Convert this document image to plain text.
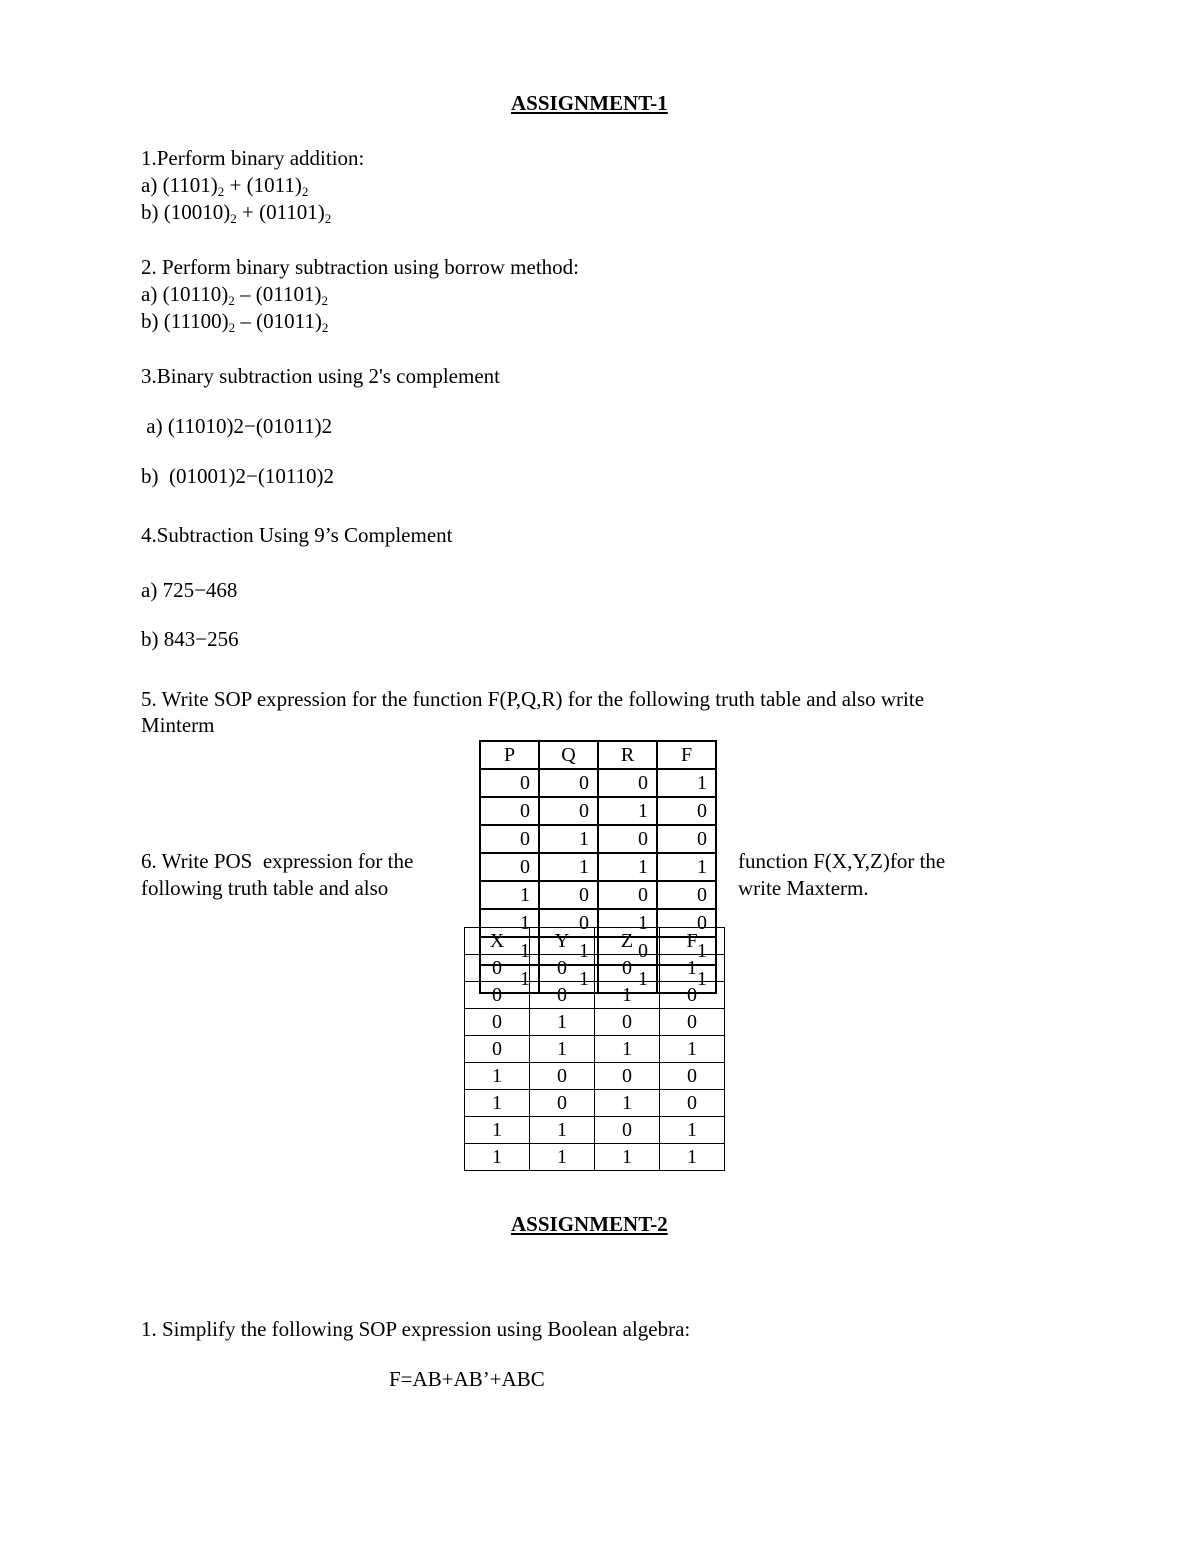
ASSIGNMENT-1
1.Perform binary addition:
a) $(1101)_2 + (1011)_2$
b) $(10010)_2 + (01101)_2$
2. Perform binary subtraction using borrow method:
a) $(10110)_2 - (01101)_2$
b) $(11100)_2 - (01011)_2$
3.Binary subtraction using 2's complement
a) (11010)2−(01011)2
b)  (01001)2−(10110)2
4.Subtraction Using 9’s Complement
a) 725−468
b) 843−256
5. Write SOP expression for the function F(P,Q,R) for the following truth table and also write
Minterm
P	Q	R	F
0	0	0	1
0	0	1	0
0	1	0	0
0	1	1	1
1	0	0	0
1	0	1	0
1	1	0	1
1	1	1	1
6. Write POS  expression for the
following truth table and also
function F(X,Y,Z)for the
write Maxterm.
X	Y	Z	F
0	0	0	1
0	0	1	0
0	1	0	0
0	1	1	1
1	0	0	0
1	0	1	0
1	1	0	1
1	1	1	1
ASSIGNMENT-2
1. Simplify the following SOP expression using Boolean algebra:
F=AB+AB’+ABC
